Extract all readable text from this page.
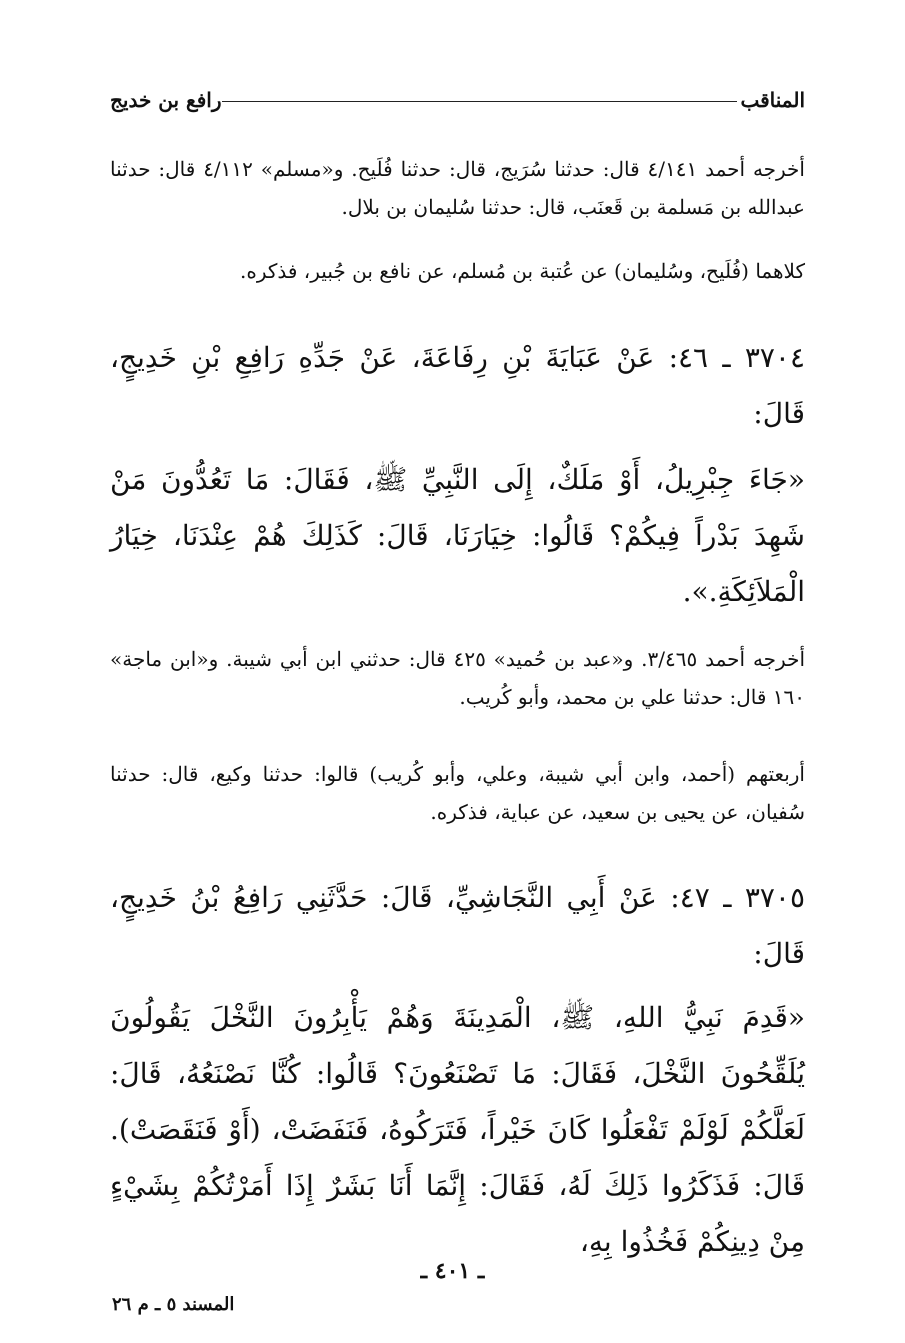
المناقب
رافع بن خديج

أخرجه أحمد ٤/١٤١ قال: حدثنا سُرَيج، قال: حدثنا فُلَيح. و«مسلم» ٤/١١٢ قال: حدثنا عبدالله بن مَسلمة بن قَعنَب، قال: حدثنا سُليمان بن بلال.

كلاهما (فُلَيح، وسُليمان) عن عُتبة بن مُسلم، عن نافع بن جُبير، فذكره.

٣٧٠٤ ـ ٤٦: عَنْ عَبَايَةَ بْنِ رِفَاعَةَ، عَنْ جَدِّهِ رَافِعِ بْنِ خَدِيجٍ، قَالَ:

«جَاءَ جِبْرِيلُ، أَوْ مَلَكٌ، إِلَى النَّبِيِّ ﷺ، فَقَالَ: مَا تَعُدُّونَ مَنْ شَهِدَ بَدْراً فِيكُمْ؟ قَالُوا: خِيَارَنَا، قَالَ: كَذَلِكَ هُمْ عِنْدَنَا، خِيَارُ الْمَلاَئِكَةِ.».

أخرجه أحمد ٣/٤٦٥. و«عبد بن حُميد» ٤٢٥ قال: حدثني ابن أبي شيبة. و«ابن ماجة» ١٦٠ قال: حدثنا علي بن محمد، وأبو كُريب.

أربعتهم (أحمد، وابن أبي شيبة، وعلي، وأبو كُريب) قالوا: حدثنا وكيع، قال: حدثنا سُفيان، عن يحيى بن سعيد، عن عباية، فذكره.

٣٧٠٥ ـ ٤٧: عَنْ أَبِي النَّجَاشِيِّ، قَالَ: حَدَّثَنِي رَافِعُ بْنُ خَدِيجٍ، قَالَ:

«قَدِمَ نَبِيُّ اللهِ، ﷺ، الْمَدِينَةَ وَهُمْ يَأْبِرُونَ النَّخْلَ يَقُولُونَ يُلَقِّحُونَ النَّخْلَ، فَقَالَ: مَا تَصْنَعُونَ؟ قَالُوا: كُنَّا نَصْنَعُهُ، قَالَ: لَعَلَّكُمْ لَوْلَمْ تَفْعَلُوا كَانَ خَيْراً، فَتَرَكُوهُ، فَنَفَضَتْ، (أَوْ فَنَقَصَتْ). قَالَ: فَذَكَرُوا ذَلِكَ لَهُ، فَقَالَ: إِنَّمَا أَنَا بَشَرٌ إِذَا أَمَرْتُكُمْ بِشَيْءٍ مِنْ دِينِكُمْ فَخُذُوا بِهِ،

ـ ٤٠١ ـ
المسند ٥ ـ م ٢٦
